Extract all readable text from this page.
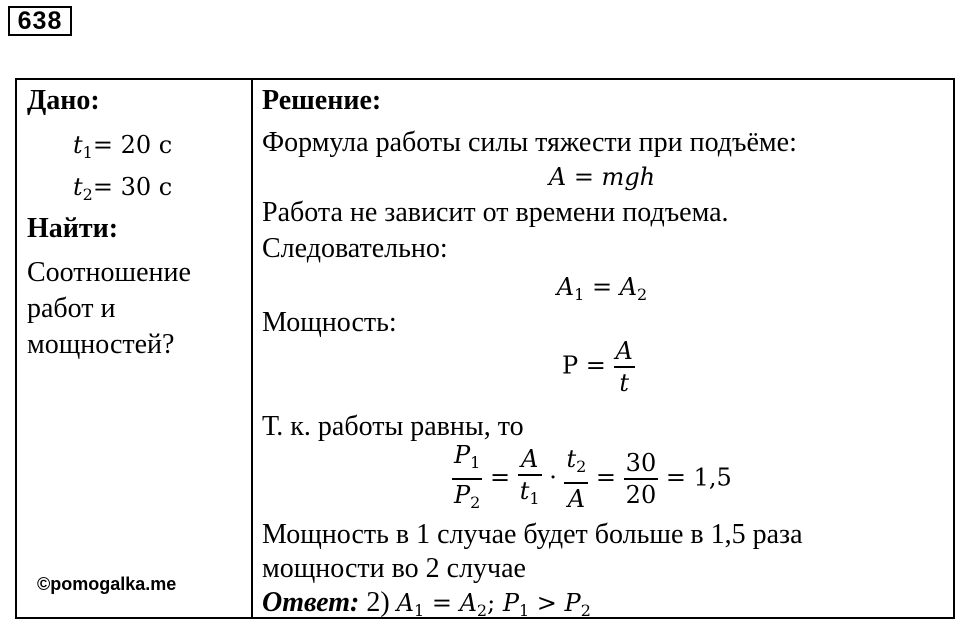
638
Дано:
$t_1= 20$ с
$t_2= 30$ с
Найти:
Соотношение
работ и
мощностей?
©pomogalka.me
Решение:
Формула работы силы тяжести при подъёме:
A = mgh
Работа не зависит от времени подъема.
Следовательно:
$A_1 = A_2$
Мощность:
$P = \frac{A}{t}$
Т. к. работы равны, то
$\frac{P_1}{P_2} = \frac{A}{t_1} \cdot \frac{t_2}{A} = \frac{30}{20} = 1,5$
Мощность в 1 случае будет больше в 1,5 раза
мощности во 2 случае
Ответ: 2) $A_1 = A_2$; $P_1 > P_2$
